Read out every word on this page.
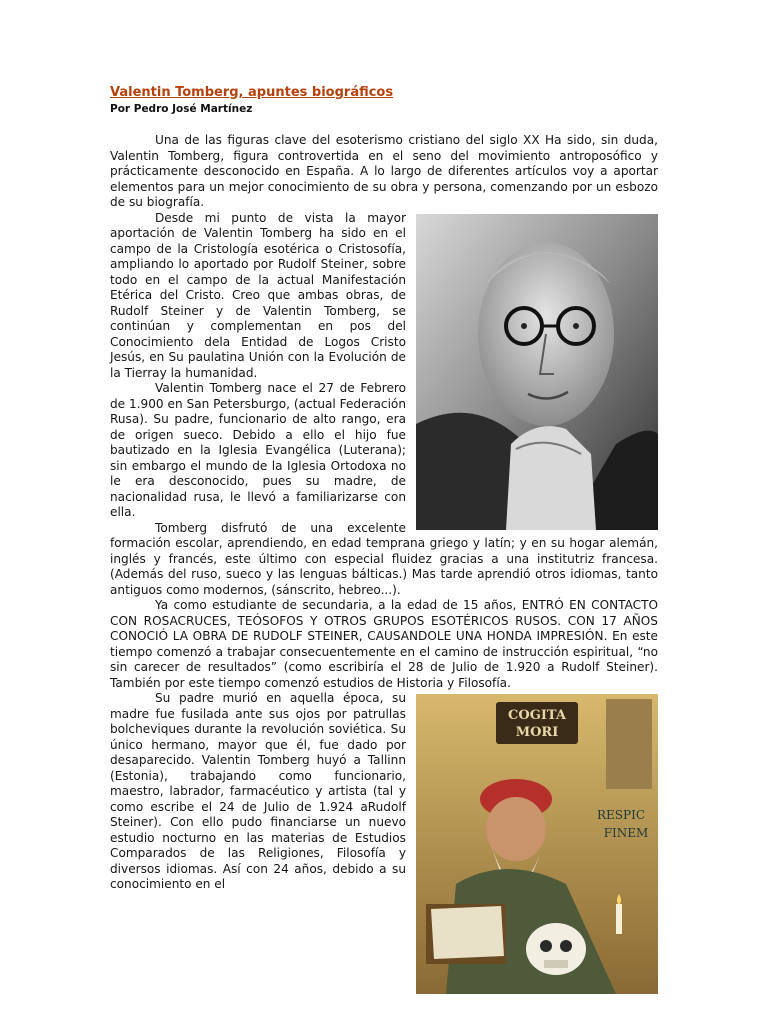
Valentin Tomberg, apuntes biográficos
Por Pedro José Martínez

Una de las figuras clave del esoterismo cristiano del siglo XX Ha sido, sin duda, Valentin Tomberg, figura controvertida en el seno del movimiento antroposófico y prácticamente desconocido en España. A lo largo de diferentes artículos voy a aportar elementos para un mejor conocimiento de su obra y persona, comenzando por un esbozo de su biografía.

Desde mi punto de vista la mayor aportación de Valentin Tomberg ha sido en el campo de la Cristología esotérica o Cristosofía, ampliando lo aportado por Rudolf Steiner, sobre todo en el campo de la actual Manifestación Etérica del Cristo. Creo que ambas obras, de Rudolf Steiner y de Valentin Tomberg, se continúan y complementan en pos del Conocimiento dela Entidad de Logos Cristo Jesús, en Su paulatina Unión con la Evolución de la Tierray la humanidad.

Valentin Tomberg nace el 27 de Febrero de 1.900 en San Petersburgo, (actual Federación Rusa). Su padre, funcionario de alto rango, era de origen sueco. Debido a ello el hijo fue bautizado en la Iglesia Evangélica (Luterana); sin embargo el mundo de la Iglesia Ortodoxa no le era desconocido, pues su madre, de nacionalidad rusa, le llevó a familiarizarse con ella.

Tomberg disfrutó de una excelente formación escolar, aprendiendo, en edad temprana griego y latín; y en su hogar alemán, inglés y francés, este último con especial fluidez gracias a una institutriz francesa. (Además del ruso, sueco y las lenguas bálticas.) Mas tarde aprendió otros idiomas, tanto antiguos como modernos, (sánscrito, hebreo...).

Ya como estudiante de secundaria, a la edad de 15 años, ENTRÓ EN CONTACTO CON ROSACRUCES, TEÓSOFOS Y OTROS GRUPOS ESOTÉRICOS RUSOS. CON 17 AÑOS CONOCIÓ LA OBRA DE RUDOLF STEINER, CAUSANDOLE UNA HONDA IMPRESIÓN. En este tiempo comenzó a trabajar consecuentemente en el camino de instrucción espiritual, “no sin carecer de resultados” (como escribiría el 28 de Julio de 1.920 a Rudolf Steiner). También por este tiempo comenzó estudios de Historia y Filosofía.

COGITA
MORI
RESPIC
FINEM

Su padre murió en aquella época, su madre fue fusilada ante sus ojos por patrullas bolcheviques durante la revolución soviética. Su único hermano, mayor que él, fue dado por desaparecido. Valentin Tomberg huyó a Tallinn (Estonia), trabajando como funcionario, maestro, labrador, farmacéutico y artista (tal y como escribe el 24 de Julio de 1.924 aRudolf Steiner). Con ello pudo financiarse un nuevo estudio nocturno en las materias de Estudios Comparados de las Religiones, Filosofía y diversos idiomas. Así con 24 años, debido a su conocimiento en el
